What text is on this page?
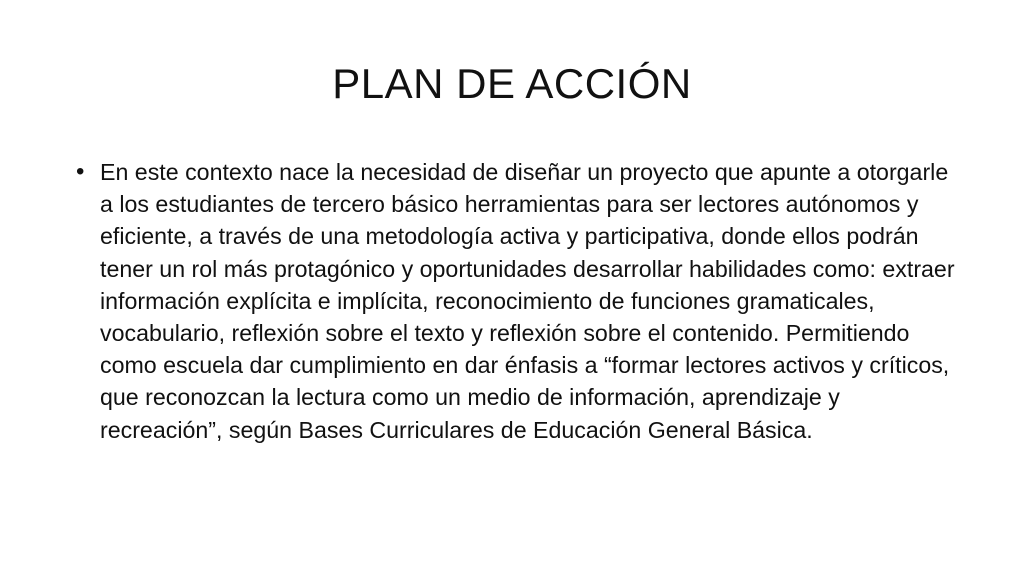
PLAN DE ACCIÓN
• En este contexto nace la necesidad de diseñar un proyecto que apunte a otorgarle a los estudiantes de tercero básico herramientas para ser lectores autónomos y eficiente, a través de una metodología activa y participativa, donde ellos podrán tener un rol más protagónico y oportunidades desarrollar habilidades como: extraer información explícita e implícita, reconocimiento de funciones gramaticales, vocabulario, reflexión sobre el texto y reflexión sobre el contenido. Permitiendo como escuela dar cumplimiento en dar énfasis a “formar lectores activos y críticos, que reconozcan la lectura como un medio de información, aprendizaje y recreación”, según Bases Curriculares de Educación General Básica.
